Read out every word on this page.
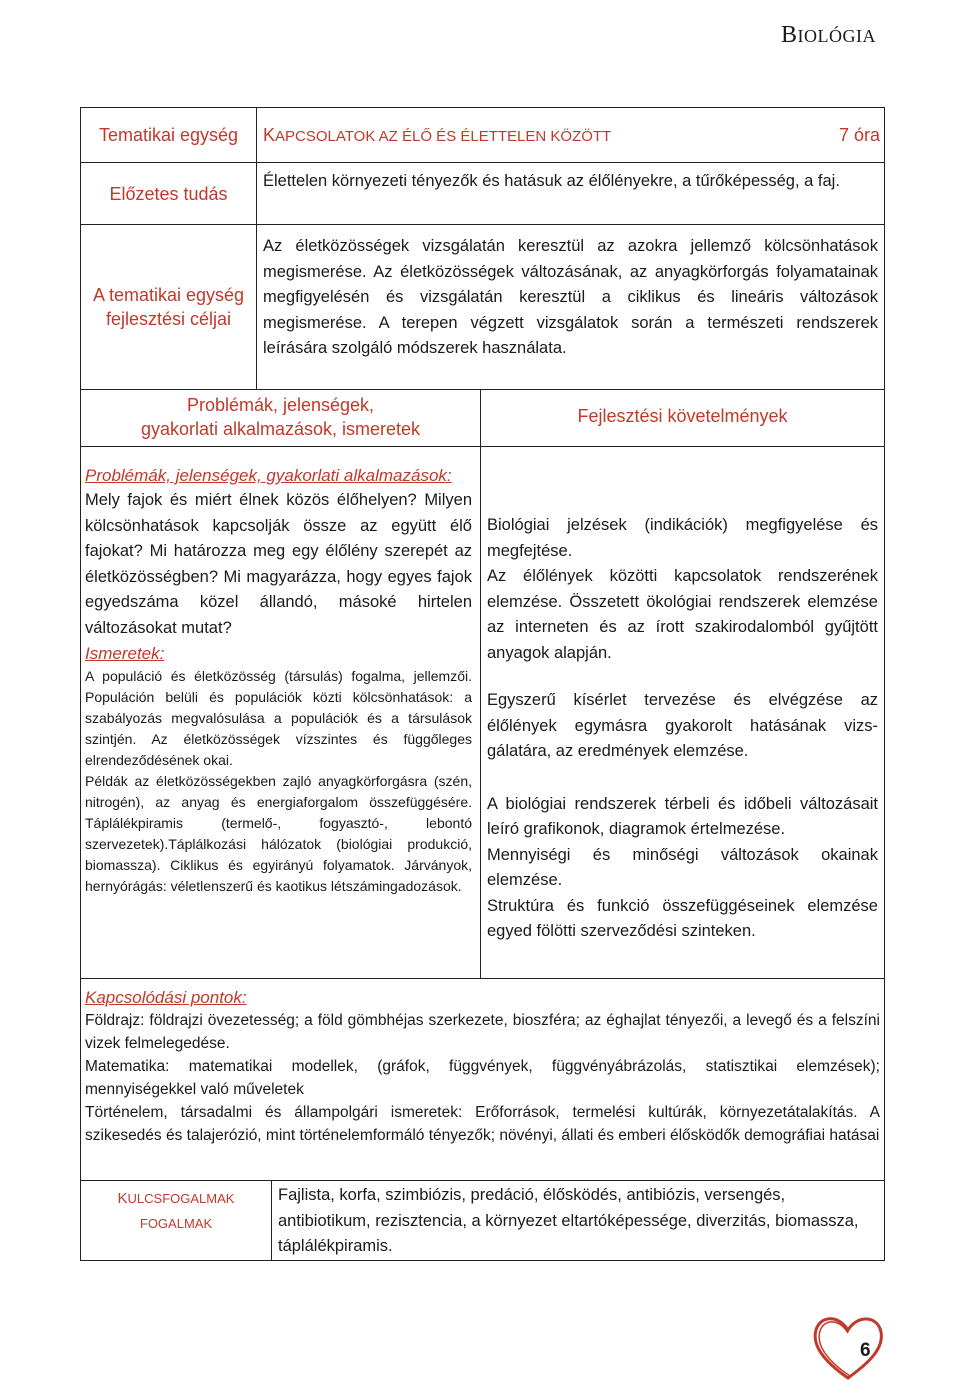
BIOLÓGIA
Tematikai egység	KAPCSOLATOK AZ ÉLŐ ÉS ÉLETTELEN KÖZÖTT	7 óra
Előzetes tudás
Élettelen környezeti tényezők és hatásuk az élőlényekre, a tűrőképesség, a faj.
A tematikai egység fejlesztési céljai
Az életközösségek vizsgálatán keresztül az azokra jellemző kölcsönhatások megismerése. Az életközösségek változásának, az anyagkörforgás folyamatainak megfigyelésén és vizsgálatán keresztül a ciklikus és lineáris változások megismerése. A terepen végzett vizsgálatok során a természeti rendszerek leírására szolgáló módszerek használata.
Problémák, jelenségek,
gyakorlati alkalmazások, ismeretek
Fejlesztési követelmények
Problémák, jelenségek, gyakorlati alkalmazások:
Mely fajok és miért élnek közös élőhelyen? Milyen kölcsönhatások kapcsolják össze az együtt élő fajokat? Mi határozza meg egy élőlény szerepét az életközösségben? Mi magyarázza, hogy egyes fajok egyedszáma közel állandó, másoké hirtelen változásokat mutat?
Ismeretek:
A populáció és életközösség (társulás) fogalma, jellemzői. Populáción belüli és populációk közti kölcsönhatások: a szabályozás megvalósulása a populációk és a társulások szintjén. Az életközösségek vízszintes és függőleges elrendeződésének okai.
Példák az életközösségekben zajló anyagkörforgásra (szén, nitrogén), az anyag és energiaforgalom összefüggésére. Táplálékpiramis (termelő-, fogyasztó-, lebontó szervezetek).Táplálkozási hálózatok (biológiai produkció, biomassza). Ciklikus és egyirányú folyamatok. Járványok, hernyórágás: véletlenszerű és kaotikus létszámingadozások.

Biológiai jelzések (indikációk) megfigyelése és megfejtése.

Az élőlények közötti kapcsolatok rendszerének elemzése. Összetett ökológiai rendszerek elemzése az interneten és az írott szakirodalomból gyűjtött anyagok alapján.

Egyszerű kísérlet tervezése és elvégzése az élőlények egymásra gyakorolt hatásának vizsgálatára, az eredmények elemzése.

A biológiai rendszerek térbeli és időbeli változásait leíró grafikonok, diagramok értelmezése.

Mennyiségi és minőségi változások okainak elemzése.

Struktúra és funkció összefüggéseinek elemzése egyed fölötti szerveződési szinteken.

Kapcsolódási pontok:

Földrajz: földrajzi övezetesség; a föld gömbhéjas szerkezete, bioszféra; az éghajlat tényezői, a levegő és a felszíni vizek felmelegedése.

Matematika: matematikai modellek, (gráfok, függvények, függvényábrázolás, statisztikai elemzések); mennyiségekkel való műveletek

Történelem, társadalmi és állampolgári ismeretek: Erőforrások, termelési kultúrák, környezetátalakítás. A szikesedés és talajerózió, mint történelemformáló tényezők; növényi, állati és emberi élősködők demográfiai hatásai

KULCSFOGALMAK
FOGALMAK
Fajlista, korfa, szimbiózis, predáció, élősködés, antibiózis, versengés, antibiotikum, rezisztencia, a környezet eltartóképessége, diverzitás, biomassza, táplálékpiramis.
6
